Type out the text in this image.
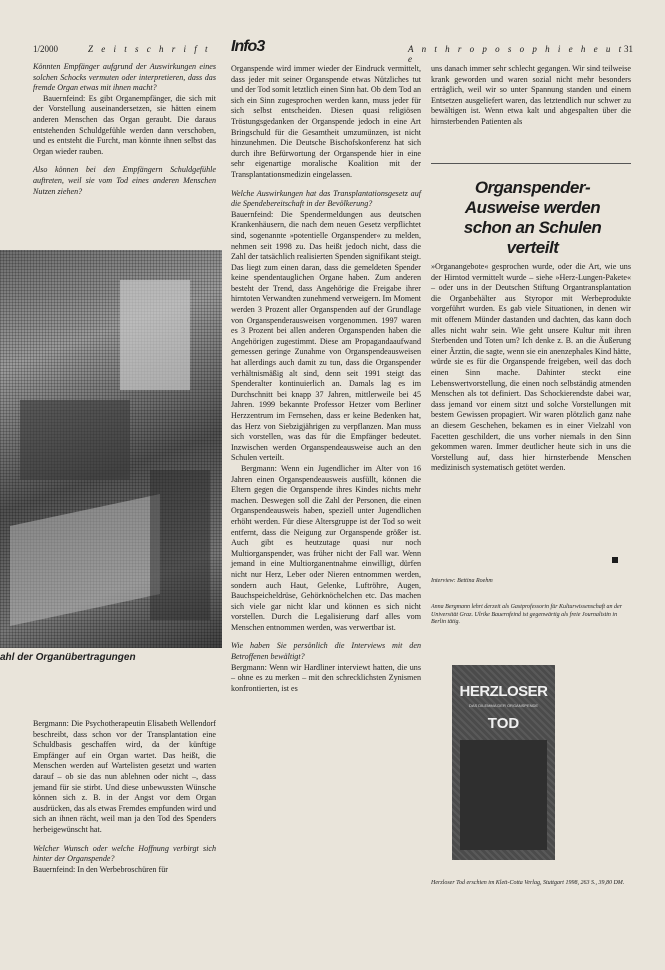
1/2000	Z e i t s c h r i f t Info3	A n t h r o p o s o p h i e h e u t e
31

Könnten Empfänger aufgrund der Auswirkungen eines solchen Schocks vermuten oder interpretieren, dass das fremde Organ etwas mit ihnen macht?

Bauernfeind: Es gibt Organempfänger, die sich mit der Vorstellung auseinandersetzen, sie hätten einem anderen Menschen das Organ geraubt. Die daraus entstehenden Schuldgefühle werden dann verschoben, und es entsteht die Furcht, man könnte ihnen selbst das Organ wieder rauben.

Also können bei den Empfängern Schuldgefühle auftreten, weil sie vom Tod eines anderen Menschen Nutzen ziehen?

ahl der Organübertragungen

Bergmann: Die Psychotherapeutin Elisabeth Wellendorf beschreibt, dass schon vor der Transplantation eine Schuldbasis geschaffen wird, da der künftige Empfänger auf ein Organ wartet. Das heißt, die Menschen werden auf Wartelisten gesetzt und warten darauf – ob sie das nun ablehnen oder nicht –, dass jemand für sie stirbt. Und diese unbewussten Wünsche können sich z. B. in der Angst vor dem Organ ausdrücken, das als etwas Fremdes empfunden wird und sich an ihnen rächt, weil man ja den Tod des Spenders herbeigewünscht hat.

Welcher Wunsch oder welche Hoffnung verbirgt sich hinter der Organspende?

Bauernfeind: In den Werbebroschüren für

Organspende wird immer wieder der Eindruck vermittelt, dass jeder mit seiner Organspende etwas Nützliches tut und der Tod somit letztlich einen Sinn hat. Ob dem Tod an sich ein Sinn zugesprochen werden kann, muss jeder für sich selbst entscheiden. Diesen quasi religiösen Tröstungsgedanken der Organspende jedoch in eine Art Bringschuld für die Gesamtheit umzumünzen, ist nicht hinzunehmen. Die Deutsche Bischofskonferenz hat sich durch ihre Befürwortung der Organspende hier in eine sehr eigenartige moralische Koalition mit der Transplantationsmedizin eingelassen.

Welche Auswirkungen hat das Transplantationsgesetz auf die Spendebereitschaft in der Bevölkerung?

Bauernfeind: Die Spendermeldungen aus deutschen Krankenhäusern, die nach dem neuen Gesetz verpflichtet sind, sogenannte »potentielle Organspender« zu melden, nehmen seit 1998 zu. Das heißt jedoch nicht, dass die Zahl der tatsächlich realisierten Spenden signifikant steigt. Das liegt zum einen daran, dass die gemeldeten Spender keine spendentauglichen Organe haben. Zum anderen besteht der Trend, dass Angehörige die Freigabe ihrer hirntoten Verwandten zunehmend verweigern. Im Moment werden 3 Prozent aller Organspenden auf der Grundlage von Organspenderausweisen vorgenommen. 1997 waren es 3 Prozent bei allen anderen Organspenden haben die Angehörigen zugestimmt. Diese am Propagandaaufwand gemessen geringe Zunahme von Organspendeausweisen hat allerdings auch damit zu tun, dass die Organspender verhältnismäßig alt sind, denn seit 1991 steigt das Spenderalter kontinuierlich an. Damals lag es im Durchschnitt bei knapp 37 Jahren, mittlerweile bei 45 Jahren. 1999 bekannte Professor Hetzer vom Berliner Herzzentrum im Fernsehen, dass er keine Bedenken hat, das Herz von Siebzigjährigen zu verpflanzen. Man muss sich vorstellen, was das für die Empfänger bedeutet. Inzwischen werden Organspendeausweise auch an den Schulen verteilt.

Bergmann: Wenn ein Jugendlicher im Alter von 16 Jahren einen Organspendeausweis ausfüllt, können die Eltern gegen die Organspende ihres Kindes nichts mehr machen. Deswegen soll die Zahl der Personen, die einen Organspendeausweis haben, speziell unter Jugendlichen erhöht werden. Für diese Altersgruppe ist der Tod so weit entfernt, dass die Neigung zur Organspende größer ist. Auch gibt es heutzutage quasi nur noch Multiorganspender, was früher nicht der Fall war. Wenn jemand in eine Multiorganentnahme einwilligt, dürfen nicht nur Herz, Leber oder Nieren entnommen werden, sondern auch Haut, Gelenke, Luftröhre, Augen, Bauchspeicheldrüse, Gehörknöchelchen etc. Das machen sich viele gar nicht klar und können es sich nicht vorstellen. Durch die Legalisierung darf alles vom Menschen entnommen werden, was verwertbar ist.

Wie haben Sie persönlich die Interviews mit den Betroffenen bewältigt?

Bergmann: Wenn wir Hardliner interviewt hatten, die uns – ohne es zu merken – mit den schrecklichsten Zynismen konfrontierten, ist es

uns danach immer sehr schlecht gegangen. Wir sind teilweise krank geworden und waren sozial nicht mehr besonders erträglich, weil wir so unter Spannung standen und einem Entsetzen ausgeliefert waren, das letztendlich nur schwer zu bewältigen ist. Wenn etwa kalt und abgespalten über die hirnsterbenden Patienten als

Organspender-Ausweise werden schon an Schulen verteilt

»Organangebote« gesprochen wurde, oder die Art, wie uns der Hirntod vermittelt wurde – siehe »Herz-Lungen-Pakete« – oder uns in der Deutschen Stiftung Organtransplantation die Organbehälter aus Styropor mit Werbeprodukte vorgeführt wurden. Es gab viele Situationen, in denen wir mit offenem Münder dastanden und dachten, das kann doch alles nicht wahr sein. Wie geht unsere Kultur mit ihren Sterbenden und Toten um? Ich denke z. B. an die Äußerung einer Ärztin, die sagte, wenn sie ein anenzephales Kind hätte, würde sie es für die Organspende freigeben, weil das doch einen Sinn mache. Dahinter steckt eine Lebenswertvorstellung, die einen noch selbständig atmenden Menschen als tot definiert. Das Schockierendste dabei war, dass jemand vor einem sitzt und solche Vorstellungen mit bestem Gewissen propagiert. Wir waren plötzlich ganz nahe an diesem Geschehen, bekamen es in einer Vielzahl von Facetten geschildert, die uns vorher niemals in den Sinn gekommen waren. Immer deutlicher heute sich in uns die Vorstellung auf, dass hier hirnsterbende Menschen medizinisch systematisch getötet werden.

Interview: Bettina Roehm
Anna Bergmann lehrt derzeit als Gastprofessorin für Kulturwissenschaft an der Universität Graz. Ulrike Bauernfeind ist gegenwärtig als freie Journalistin in Berlin tätig.
HERZLOSER
DAS DILEMMA DER ORGANSPENDE
TOD
Herzloser Tod erschien im Klett-Cotta Verlag, Stuttgart 1998, 263 S., 39,80 DM.
